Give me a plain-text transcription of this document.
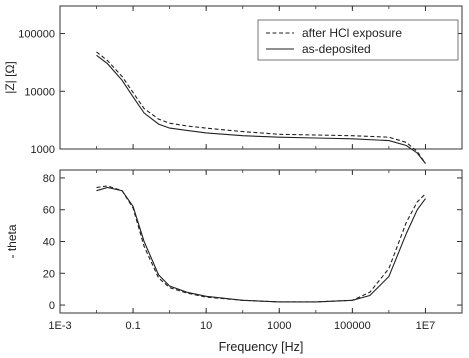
1000
10000
100000
|Z| [Ω]
after HCl exposure
as-deposited
1E-3	0.1	10	1000	100000	1E7
0
20
40
60
80
- theta
Frequency [Hz]
